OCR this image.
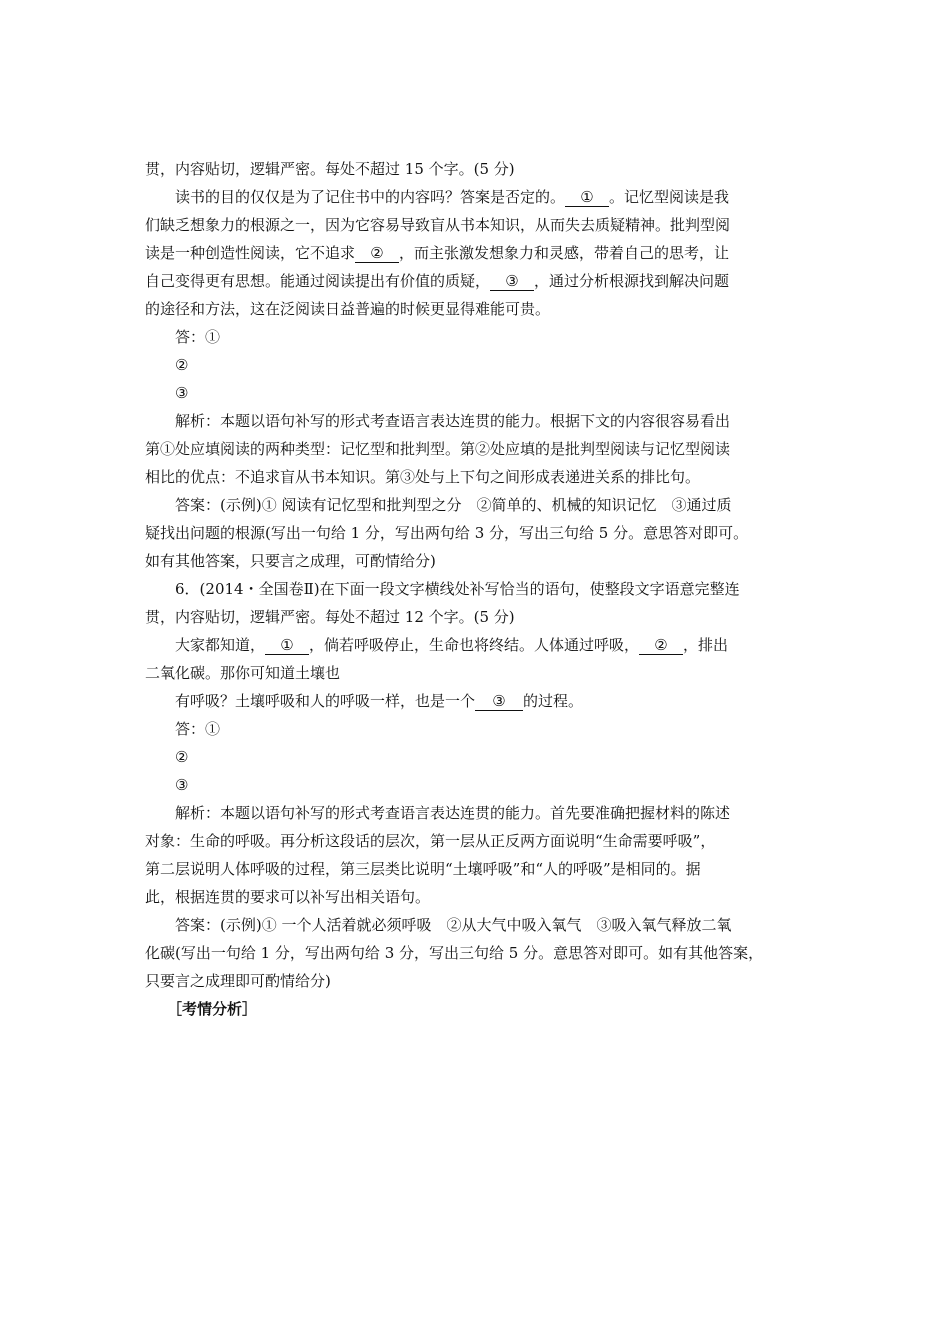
贯，内容贴切，逻辑严密。每处不超过 15 个字。(5 分)
读书的目的仅仅是为了记住书中的内容吗？答案是否定的。 ① 。记忆型阅读是我
们缺乏想象力的根源之一，因为它容易导致盲从书本知识，从而失去质疑精神。批判型阅
读是一种创造性阅读，它不追求 ② ，而主张激发想象力和灵感，带着自己的思考，让
自己变得更有思想。能通过阅读提出有价值的质疑， ③ ，通过分析根源找到解决问题
的途径和方法，这在泛阅读日益普遍的时候更显得难能可贵。
答：①
②
③
解析：本题以语句补写的形式考查语言表达连贯的能力。根据下文的内容很容易看出
第①处应填阅读的两种类型：记忆型和批判型。第②处应填的是批判型阅读与记忆型阅读
相比的优点：不追求盲从书本知识。第③处与上下句之间形成表递进关系的排比句。
答案：(示例)① 阅读有记忆型和批判型之分　②简单的、机械的知识记忆　③通过质
疑找出问题的根源(写出一句给 1 分，写出两句给 3 分，写出三句给 5 分。意思答对即可。
如有其他答案，只要言之成理，可酌情给分)
6．(2014・全国卷Ⅱ)在下面一段文字横线处补写恰当的语句，使整段文字语意完整连
贯，内容贴切，逻辑严密。每处不超过 12 个字。(5 分)
大家都知道， ① ，倘若呼吸停止，生命也将终结。人体通过呼吸， ② ，排出
二氧化碳。那你可知道土壤也
有呼吸？土壤呼吸和人的呼吸一样，也是一个 ③ 的过程。
答：①
②
③
解析：本题以语句补写的形式考查语言表达连贯的能力。首先要准确把握材料的陈述
对象：生命的呼吸。再分析这段话的层次，第一层从正反两方面说明“生命需要呼吸”，
第二层说明人体呼吸的过程，第三层类比说明“土壤呼吸”和“人的呼吸”是相同的。据
此，根据连贯的要求可以补写出相关语句。
答案：(示例)① 一个人活着就必须呼吸　②从大气中吸入氧气　③吸入氧气释放二氧
化碳(写出一句给 1 分，写出两句给 3 分，写出三句给 5 分。意思答对即可。如有其他答案，
只要言之成理即可酌情给分)
［考情分析］
